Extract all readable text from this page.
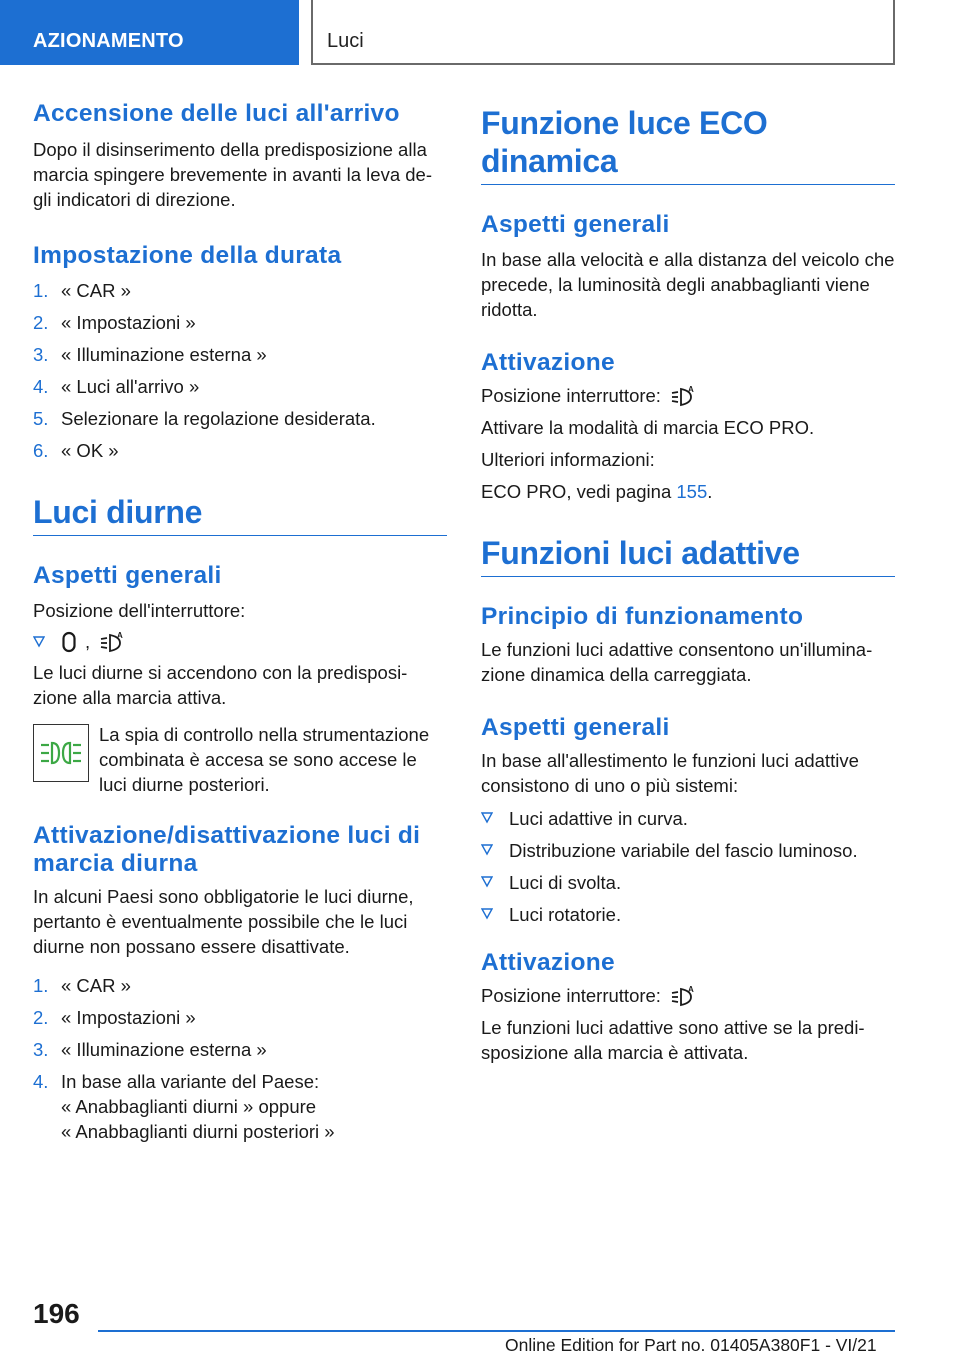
AZIONAMENTO	Luci
Accensione delle luci all'arrivo

Dopo il disinserimento della predisposizione alla marcia spingere brevemente in avanti la leva de-gli indicatori di direzione.

Impostazione della durata
1. « CAR »
2. « Impostazioni »
3. « Illuminazione esterna »
4. « Luci all'arrivo »
5. Selezionare la regolazione desiderata.
6. « OK »
Luci diurne
Aspetti generali

Posizione dell'interruttore:

,	A

Le luci diurne si accendono con la predisposi-zione alla marcia attiva.

La spia di controllo nella strumentazione combinata è accesa se sono accese le luci diurne posteriori.

Attivazione/disattivazione luci di marcia diurna

In alcuni Paesi sono obbligatorie le luci diurne, pertanto è eventualmente possibile che le luci diurne non possano essere disattivate.

1. « CAR »
2. « Impostazioni »
3. « Illuminazione esterna »
4. In base alla variante del Paese:
« Anabbaglianti diurni » oppure
« Anabbaglianti diurni posteriori »
Funzione luce ECO dinamica
Aspetti generali

In base alla velocità e alla distanza del veicolo che precede, la luminosità degli anabbaglianti viene ridotta.

Attivazione
Posizione interruttore:	A

Attivare la modalità di marcia ECO PRO.

Ulteriori informazioni:

ECO PRO, vedi pagina 155.

Funzioni luci adattive
Principio di funzionamento

Le funzioni luci adattive consentono un'illumina-zione dinamica della carreggiata.

Aspetti generali

In base all'allestimento le funzioni luci adattive consistono di uno o più sistemi:

Luci adattive in curva.
Distribuzione variabile del fascio luminoso.
Luci di svolta.
Luci rotatorie.
Attivazione
Posizione interruttore:	A

Le funzioni luci adattive sono attive se la predi-sposizione alla marcia è attivata.

196
Online Edition for Part no. 01405A380F1 - VI/21
